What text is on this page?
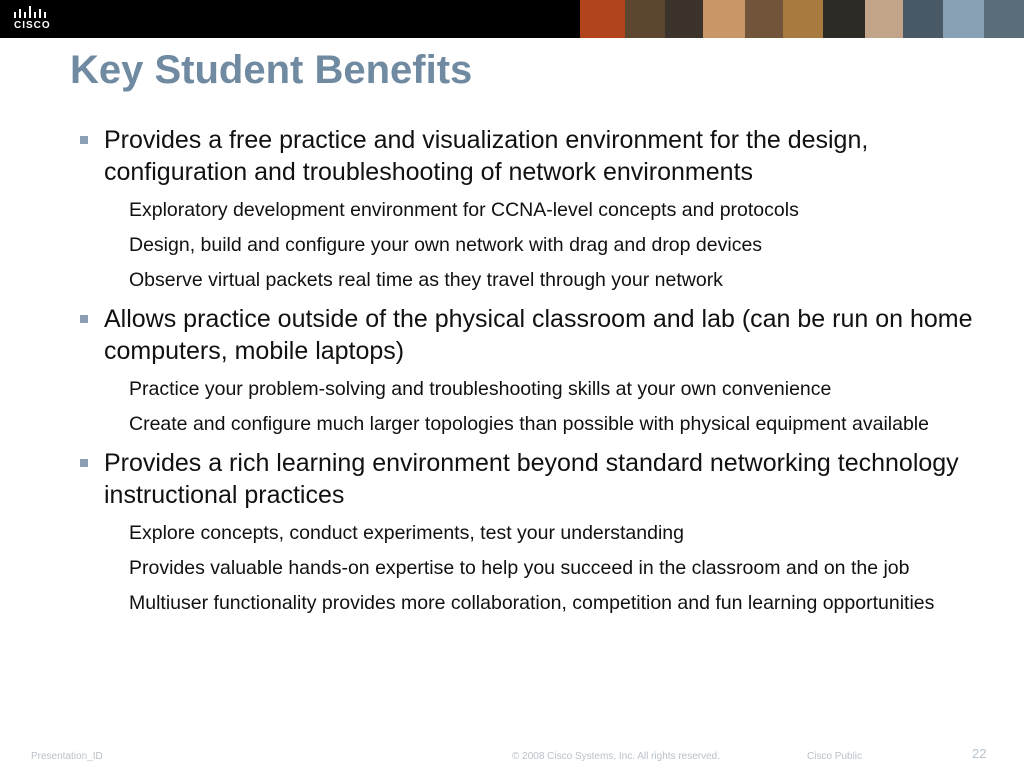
CISCO
Key Student Benefits
Provides a free practice and visualization environment for the design, configuration and troubleshooting of network environments
Exploratory development environment for CCNA-level concepts and protocols
Design, build and configure your own network with drag and drop devices
Observe virtual packets real time as they travel through your network
Allows practice outside of the physical classroom and lab (can be run on home computers, mobile laptops)
Practice your problem-solving and troubleshooting skills at your own convenience
Create and configure much larger topologies than possible with physical equipment available
Provides a rich learning environment beyond standard networking technology instructional practices
Explore concepts, conduct experiments, test your understanding
Provides valuable hands-on expertise to help you succeed in the classroom and on the job
Multiuser functionality provides more collaboration, competition and fun learning opportunities
Presentation_ID	© 2008 Cisco Systems, Inc. All rights reserved.	Cisco Public	22
